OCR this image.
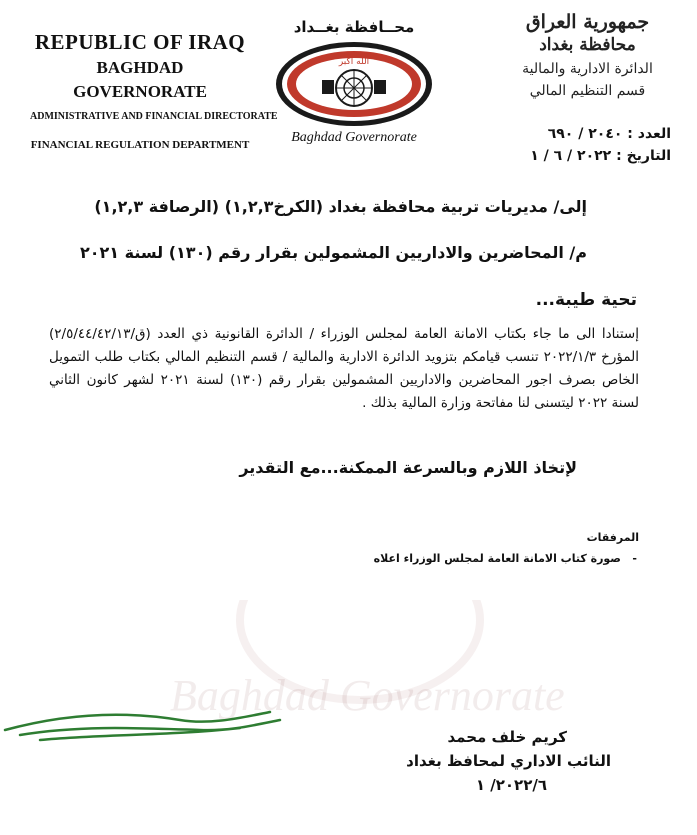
Baghdad Governorate
REPUBLIC OF IRAQ
BAGHDAD GOVERNORATE
ADMINISTRATIVE AND FINANCIAL DIRECTORATE
FINANCIAL REGULATION DEPARTMENT
محــافظة بغــداد
الله اكبر
Baghdad Governorate
جمهورية العراق
محافظة بغداد
الدائرة الادارية والمالية
قسم التنظيم المالي
العدد : ٢٠٤٠ / ٦٩٠
التاريخ : ٢٠٢٢ / ٦ / ١
إلى/ مديريات تربية محافظة بغداد (الكرخ١,٢,٣) (الرصافة ١,٢,٣)
م/ المحاضرين والاداريين المشمولين بقرار رقم (١٣٠) لسنة ٢٠٢١
تحية طيبة...
إستنادا الى ما جاء بكتاب الامانة العامة لمجلس الوزراء / الدائرة القانونية ذي العدد (ق/٢/٥/٤٤/٤٢/١٣) المؤرخ ٢٠٢٢/١/٣ تنسب قيامكم بتزويد الدائرة الادارية والمالية / قسم التنظيم المالي بكتاب طلب التمويل الخاص بصرف اجور المحاضرين والاداريين المشمولين بقرار رقم (١٣٠) لسنة ٢٠٢١ لشهر كانون الثاني لسنة ٢٠٢٢ ليتسنى لنا مفاتحة وزارة المالية بذلك .
لإتخاذ اللازم وبالسرعة الممكنة...مع التقدير
المرفقات
-   صورة كتاب الامانة العامة لمجلس الوزراء اعلاه
كريم خلف محمد
النائب الاداري لمحافظ بغداد
٢٠٢٢/٦/ ١
